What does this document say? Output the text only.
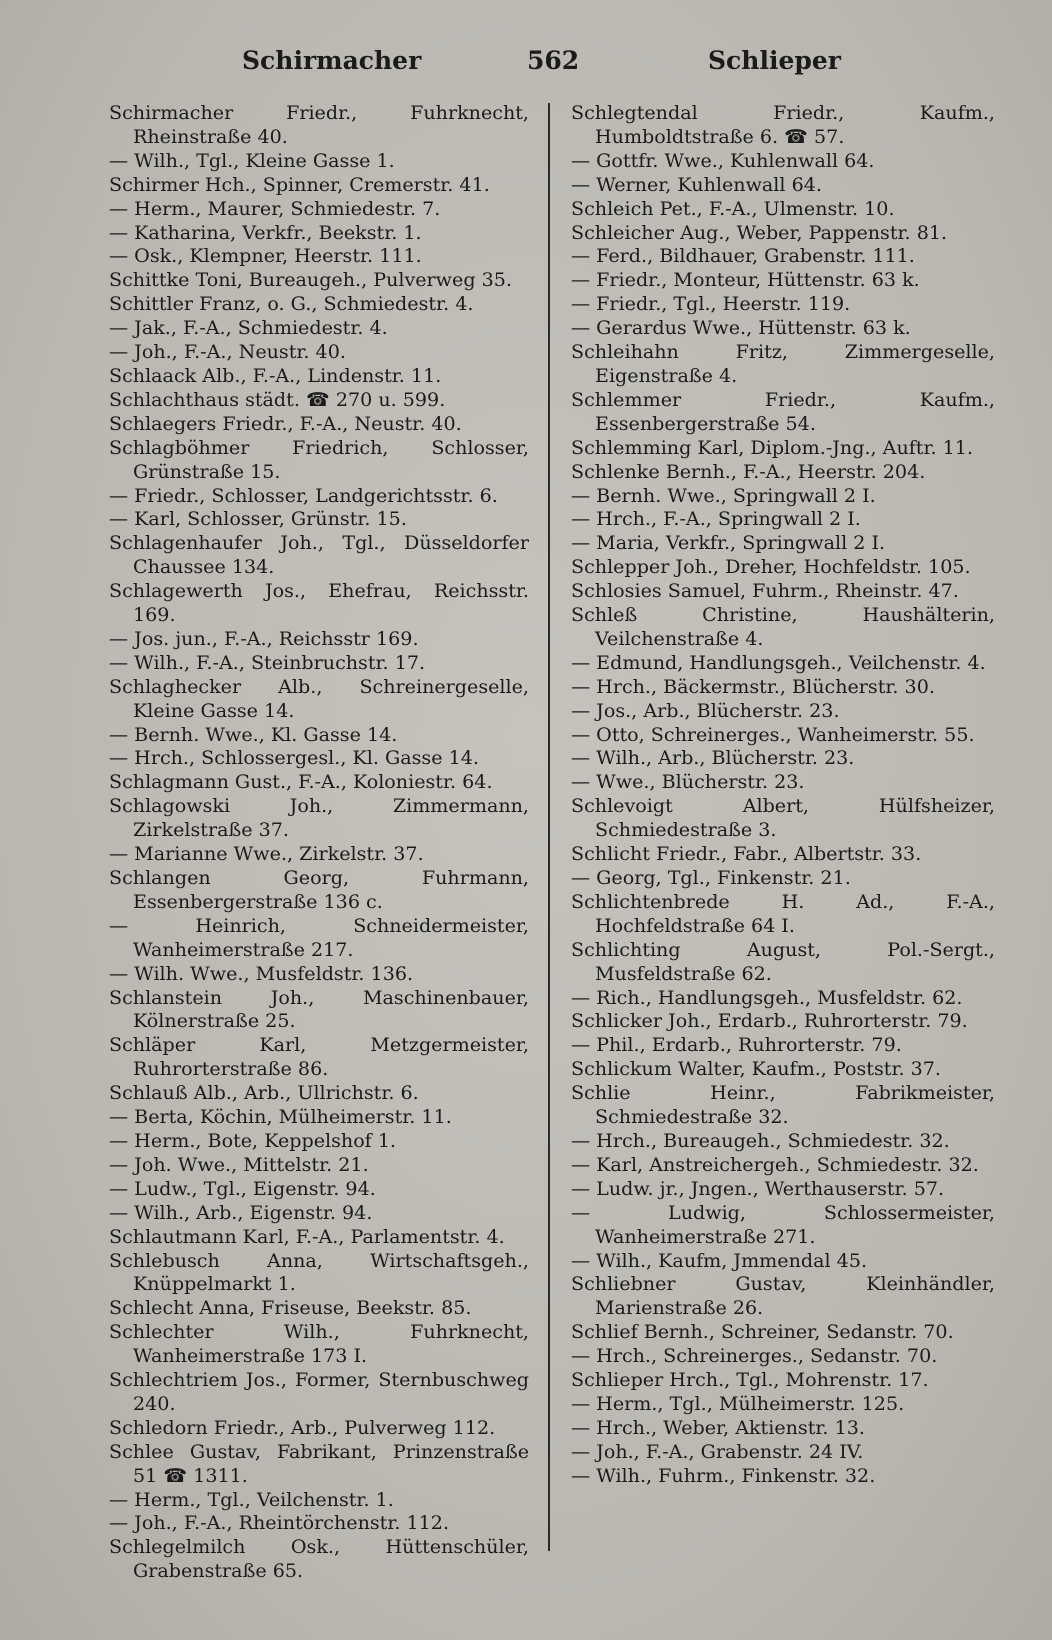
Schirmacher	562	Schlieper
Schirmacher Friedr., Fuhrknecht, Rheinstraße 40.
— Wilh., Tgl., Kleine Gasse 1.
Schirmer Hch., Spinner, Cremerstr. 41.
— Herm., Maurer, Schmiedestr. 7.
— Katharina, Verkfr., Beekstr. 1.
— Osk., Klempner, Heerstr. 111.
Schittke Toni, Bureaugeh., Pulverweg 35.
Schittler Franz, o. G., Schmiedestr. 4.
— Jak., F.-A., Schmiedestr. 4.
— Joh., F.-A., Neustr. 40.
Schlaack Alb., F.-A., Lindenstr. 11.
Schlachthaus städt. ☎ 270 u. 599.
Schlaegers Friedr., F.-A., Neustr. 40.
Schlagböhmer Friedrich, Schlosser, Grünstraße 15.
— Friedr., Schlosser, Landgerichtsstr. 6.
— Karl, Schlosser, Grünstr. 15.
Schlagenhaufer Joh., Tgl., Düsseldorfer Chaussee 134.
Schlagewerth Jos., Ehefrau, Reichsstr. 169.
— Jos. jun., F.-A., Reichsstr 169.
— Wilh., F.-A., Steinbruchstr. 17.
Schlaghecker Alb., Schreinergeselle, Kleine Gasse 14.
— Bernh. Wwe., Kl. Gasse 14.
— Hrch., Schlossergesl., Kl. Gasse 14.
Schlagmann Gust., F.-A., Koloniestr. 64.
Schlagowski Joh., Zimmermann, Zirkelstraße 37.
— Marianne Wwe., Zirkelstr. 37.
Schlangen Georg, Fuhrmann, Essenbergerstraße 136 c.
— Heinrich, Schneidermeister, Wanheimerstraße 217.
— Wilh. Wwe., Musfeldstr. 136.
Schlanstein Joh., Maschinenbauer, Kölnerstraße 25.
Schläper Karl, Metzgermeister, Ruhrorterstraße 86.
Schlauß Alb., Arb., Ullrichstr. 6.
— Berta, Köchin, Mülheimerstr. 11.
— Herm., Bote, Keppelshof 1.
— Joh. Wwe., Mittelstr. 21.
— Ludw., Tgl., Eigenstr. 94.
— Wilh., Arb., Eigenstr. 94.
Schlautmann Karl, F.-A., Parlamentstr. 4.
Schlebusch Anna, Wirtschaftsgeh., Knüppelmarkt 1.
Schlecht Anna, Friseuse, Beekstr. 85.
Schlechter Wilh., Fuhrknecht, Wanheimerstraße 173 I.
Schlechtriem Jos., Former, Sternbuschweg 240.
Schledorn Friedr., Arb., Pulverweg 112.
Schlee Gustav, Fabrikant, Prinzenstraße 51 ☎ 1311.
— Herm., Tgl., Veilchenstr. 1.
— Joh., F.-A., Rheintörchenstr. 112.
Schlegelmilch Osk., Hüttenschüler, Grabenstraße 65.
Schlegtendal Friedr., Kaufm., Humboldtstraße 6. ☎ 57.
— Gottfr. Wwe., Kuhlenwall 64.
— Werner, Kuhlenwall 64.
Schleich Pet., F.-A., Ulmenstr. 10.
Schleicher Aug., Weber, Pappenstr. 81.
— Ferd., Bildhauer, Grabenstr. 111.
— Friedr., Monteur, Hüttenstr. 63 k.
— Friedr., Tgl., Heerstr. 119.
— Gerardus Wwe., Hüttenstr. 63 k.
Schleihahn Fritz, Zimmergeselle, Eigenstraße 4.
Schlemmer Friedr., Kaufm., Essenbergerstraße 54.
Schlemming Karl, Diplom.-Jng., Auftr. 11.
Schlenke Bernh., F.-A., Heerstr. 204.
— Bernh. Wwe., Springwall 2 I.
— Hrch., F.-A., Springwall 2 I.
— Maria, Verkfr., Springwall 2 I.
Schlepper Joh., Dreher, Hochfeldstr. 105.
Schlosies Samuel, Fuhrm., Rheinstr. 47.
Schleß Christine, Haushälterin, Veilchenstraße 4.
— Edmund, Handlungsgeh., Veilchenstr. 4.
— Hrch., Bäckermstr., Blücherstr. 30.
— Jos., Arb., Blücherstr. 23.
— Otto, Schreinerges., Wanheimerstr. 55.
— Wilh., Arb., Blücherstr. 23.
— Wwe., Blücherstr. 23.
Schlevoigt Albert, Hülfsheizer, Schmiedestraße 3.
Schlicht Friedr., Fabr., Albertstr. 33.
— Georg, Tgl., Finkenstr. 21.
Schlichtenbrede H. Ad., F.-A., Hochfeldstraße 64 I.
Schlichting August, Pol.-Sergt., Musfeldstraße 62.
— Rich., Handlungsgeh., Musfeldstr. 62.
Schlicker Joh., Erdarb., Ruhrorterstr. 79.
— Phil., Erdarb., Ruhrorterstr. 79.
Schlickum Walter, Kaufm., Poststr. 37.
Schlie Heinr., Fabrikmeister, Schmiedestraße 32.
— Hrch., Bureaugeh., Schmiedestr. 32.
— Karl, Anstreichergeh., Schmiedestr. 32.
— Ludw. jr., Jngen., Werthauserstr. 57.
— Ludwig, Schlossermeister, Wanheimerstraße 271.
— Wilh., Kaufm, Jmmendal 45.
Schliebner Gustav, Kleinhändler, Marienstraße 26.
Schlief Bernh., Schreiner, Sedanstr. 70.
— Hrch., Schreinerges., Sedanstr. 70.
Schlieper Hrch., Tgl., Mohrenstr. 17.
— Herm., Tgl., Mülheimerstr. 125.
— Hrch., Weber, Aktienstr. 13.
— Joh., F.-A., Grabenstr. 24 IV.
— Wilh., Fuhrm., Finkenstr. 32.
